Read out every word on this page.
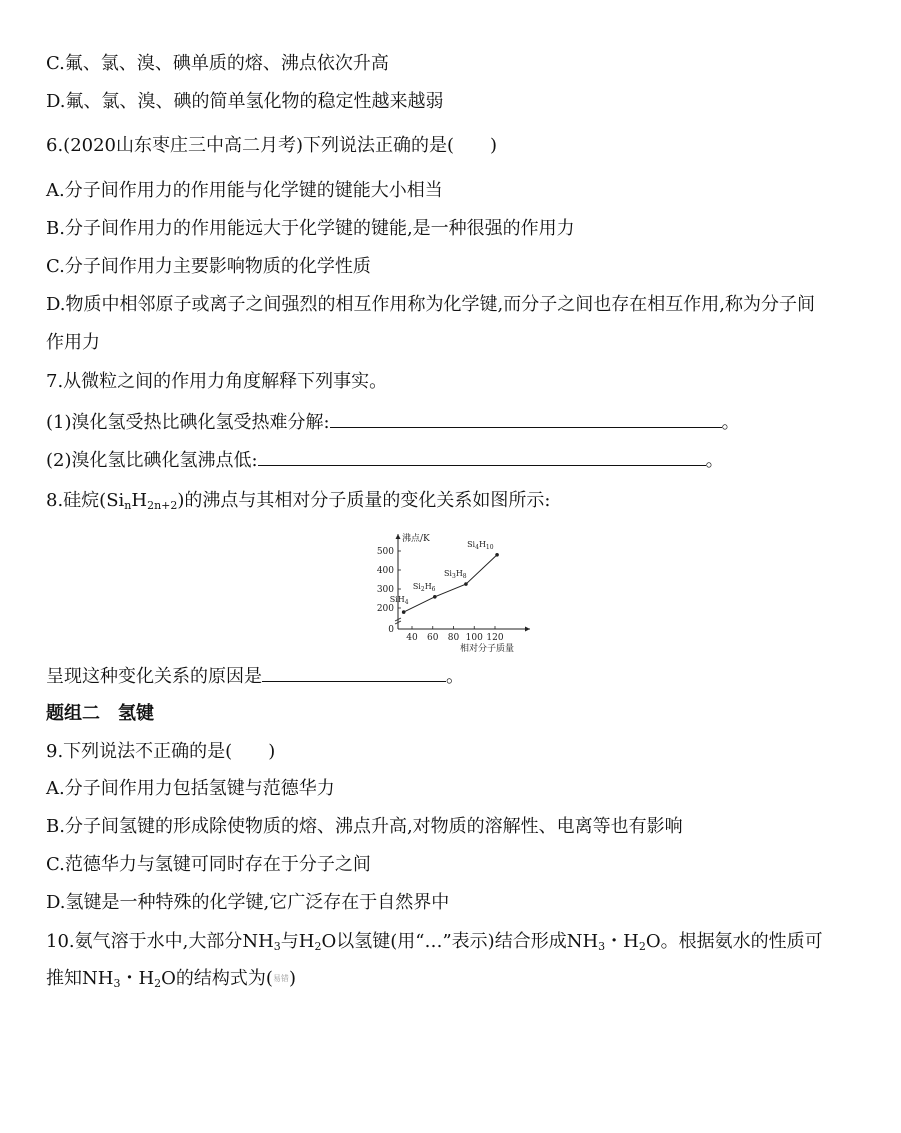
C.氟、氯、溴、碘单质的熔、沸点依次升高
D.氟、氯、溴、碘的简单氢化物的稳定性越来越弱
6.(2020山东枣庄三中高二月考)下列说法正确的是(　　)
A.分子间作用力的作用能与化学键的键能大小相当
B.分子间作用力的作用能远大于化学键的键能,是一种很强的作用力
C.分子间作用力主要影响物质的化学性质
D.物质中相邻原子或离子之间强烈的相互作用称为化学键,而分子之间也存在相互作用,称为分子间
作用力
7.从微粒之间的作用力角度解释下列事实。
(1)溴化氢受热比碘化氢受热难分解:	。
(2)溴化氢比碘化氢沸点低:	。
8.硅烷$(Si_nH_{2n+2})$的沸点与其相对分子质量的变化关系如图所示:
0
200
300
400
500
40 60 80 100 120
SiH$_4$
$Si_2H_6$
$Si_3H_8$
$Si_4H_{10}$
沸点/K
相对分子质量
呈现这种变化关系的原因是	。
题组二　氢键
9.下列说法不正确的是(　　)
A.分子间作用力包括氢键与范德华力
B.分子间氢键的形成除使物质的熔、沸点升高,对物质的溶解性、电离等也有影响
C.范德华力与氢键可同时存在于分子之间
D.氢键是一种特殊的化学键,它广泛存在于自然界中
10.氨气溶于水中,大部分$NH_3$与$H_2O$以氢键(用“…”表示)结合形成$NH_3$・$H_2O$。根据氨水的性质可
推知$NH_3$・$H_2O$的结构式为(易错)
